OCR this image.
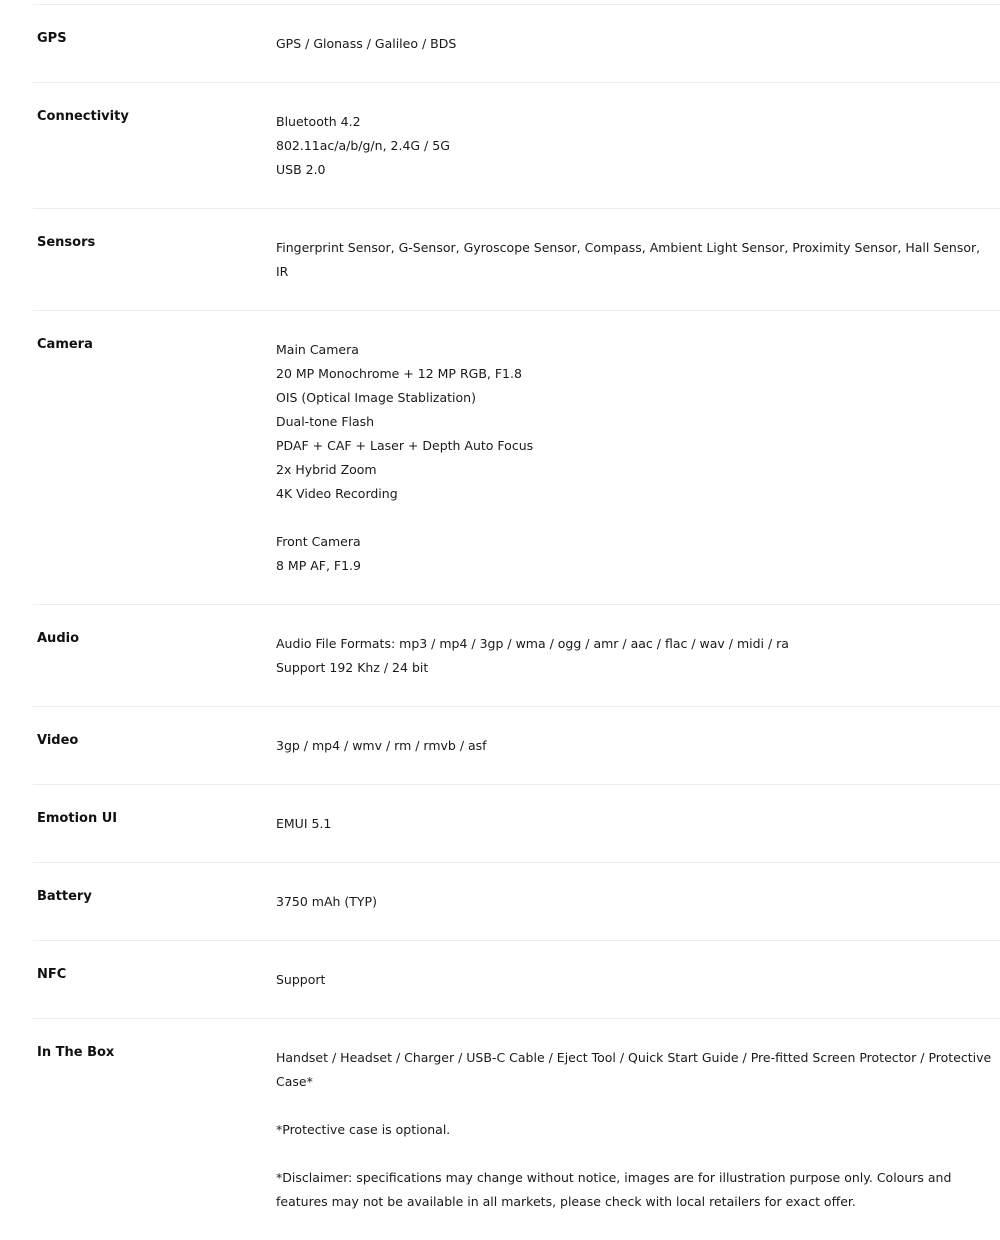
GPS	GPS / Glonass / Galileo / BDS
Connectivity	Bluetooth 4.2
802.11ac/a/b/g/n, 2.4G / 5G
USB 2.0
Sensors	Fingerprint Sensor, G-Sensor, Gyroscope Sensor, Compass, Ambient Light Sensor, Proximity Sensor, Hall Sensor, IR
Camera	Main Camera
20 MP Monochrome + 12 MP RGB, F1.8
OIS (Optical Image Stablization)
Dual-tone Flash
PDAF + CAF + Laser + Depth Auto Focus
2x Hybrid Zoom
4K Video Recording
Front Camera
8 MP AF, F1.9
Audio	Audio File Formats: mp3 / mp4 / 3gp / wma / ogg / amr / aac / flac / wav / midi / ra
Support 192 Khz / 24 bit
Video	3gp / mp4 / wmv / rm / rmvb / asf
Emotion UI	EMUI 5.1
Battery	3750 mAh (TYP)
NFC	Support
In The Box	Handset / Headset / Charger / USB-C Cable / Eject Tool / Quick Start Guide / Pre-fitted Screen Protector / Protective Case*
*Protective case is optional.
*Disclaimer: specifications may change without notice, images are for illustration purpose only. Colours and features may not be available in all markets, please check with local retailers for exact offer.
